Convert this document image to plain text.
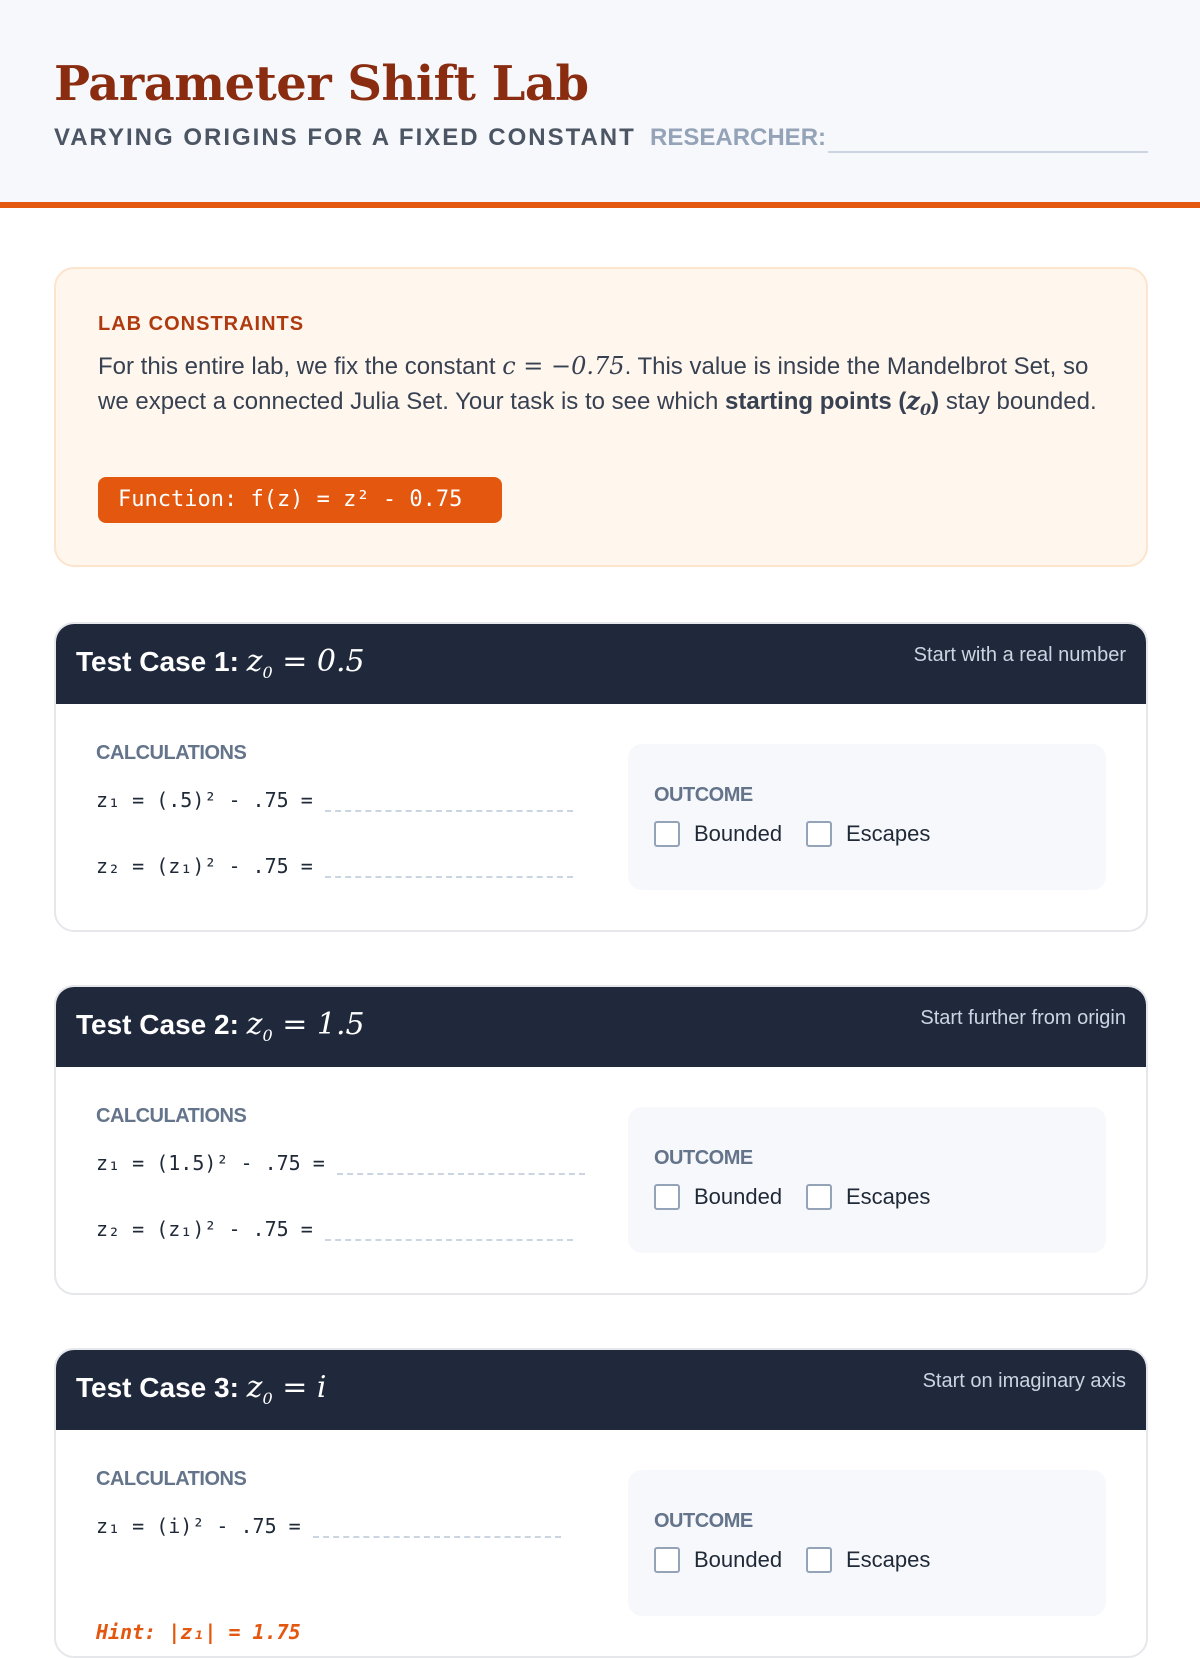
Parameter Shift Lab
VARYING ORIGINS FOR A FIXED CONSTANT RESEARCHER:
LAB CONSTRAINTS
For this entire lab, we fix the constant c = −0.75. This value is inside the Mandelbrot Set, so we expect a connected Julia Set. Your task is to see which starting points $(z_0)$ stay bounded.
Function: f(z) = z² - 0.75
Test Case 1: $z_0 = 0.5$	Start with a real number
CALCULATIONS
z₁ = (.5)² - .75 =
z₂ = (z₁)² - .75 =
OUTCOME
Bounded	Escapes
Test Case 2: $z_0 = 1.5$	Start further from origin
CALCULATIONS
z₁ = (1.5)² - .75 =
z₂ = (z₁)² - .75 =
OUTCOME
Bounded	Escapes
Test Case 3: $z_0 = i$	Start on imaginary axis
CALCULATIONS
z₁ = (i)² - .75 =
Hint: |z₁| = 1.75
OUTCOME
Bounded	Escapes
